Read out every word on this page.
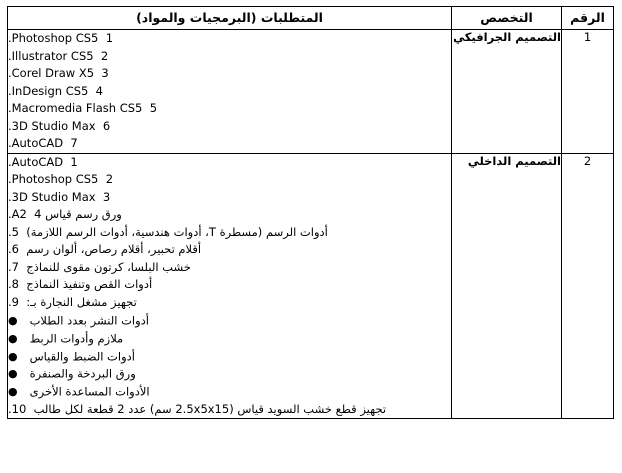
الرقم	التخصص	المتطلبات (البرمجيات والمواد)
1	التصميم الجرافيكي	
Photoshop CS5  1.
Illustrator CS5  2.
Corel Draw X5  3.
InDesign CS5  4.
Macromedia Flash CS5  5.
3D Studio Max  6.
AutoCAD  7.

2	التصميم الداخلي	
AutoCAD  1.
Photoshop CS5  2.
3D Studio Max  3.
ورق رسم قياس A2  4.
أدوات الرسم (مسطرة T، أدوات هندسية، أدوات الرسم اللازمة)  5.
أقلام تحبير، أقلام رصاص، ألوان رسم  6.
خشب البلسا، كرتون مقوى للنماذج  7.
أدوات القص وتنفيذ النماذج  8.
تجهيز مشغل النجارة بـ:  9.
أدوات النشر بعدد الطلاب●
ملازم وأدوات الربط●
أدوات الضبط والقياس●
ورق البردخة والصنفرة●
الأدوات المساعدة الأخرى●
تجهيز قطع خشب السويد قياس (2.5x5x15 سم) عدد 2 قطعة لكل طالب  10.
